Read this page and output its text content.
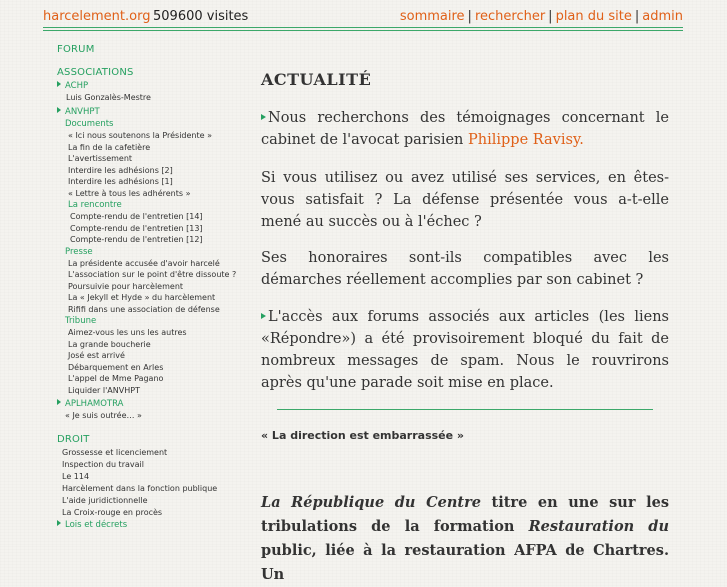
harcelement.org 509600 visites	sommaire | rechercher | plan du site | admin
FORUM
ASSOCIATIONS
ACHP
Luis Gonzalès-Mestre
ANVHPT
Documents
« Ici nous soutenons la Présidente »
La fin de la cafetière
L'avertissement
Interdire les adhésions [2]
Interdire les adhésions [1]
« Lettre à tous les adhérents »
La rencontre
Compte-rendu de l'entretien [14]
Compte-rendu de l'entretien [13]
Compte-rendu de l'entretien [12]
Presse
La présidente accusée d'avoir harcelé
L'association sur le point d'être dissoute ?
Poursuivie pour harcèlement
La « Jekyll et Hyde » du harcèlement
Rififi dans une association de défense
Tribune
Aimez-vous les uns les autres
La grande boucherie
José est arrivé
Débarquement en Arles
L'appel de Mme Pagano
Liquider l'ANVHPT
APLHAMOTRA
« Je suis outrée… »
DROIT
Grossesse et licenciement
Inspection du travail
Le 114
Harcèlement dans la fonction publique
L'aide juridictionnelle
La Croix-rouge en procès
Lois et décrets
ACTUALITÉ

Nous recherchons des témoignages concernant le cabinet de l'avocat parisien Philippe Ravisy.

Si vous utilisez ou avez utilisé ses services, en êtes-vous satisfait ? La défense présentée vous a-t-elle mené au succès ou à l'échec ?

Ses honoraires sont-ils compatibles avec les démarches réellement accomplies par son cabinet ?

L'accès aux forums associés aux articles (les liens «Répondre») a été provisoirement bloqué du fait de nombreux messages de spam. Nous le rouvrirons après qu'une parade soit mise en place.

« La direction est embarrassée »

La République du Centre titre en une sur les tribulations de la formation Restauration du public, liée à la restauration AFPA de Chartres. Un
